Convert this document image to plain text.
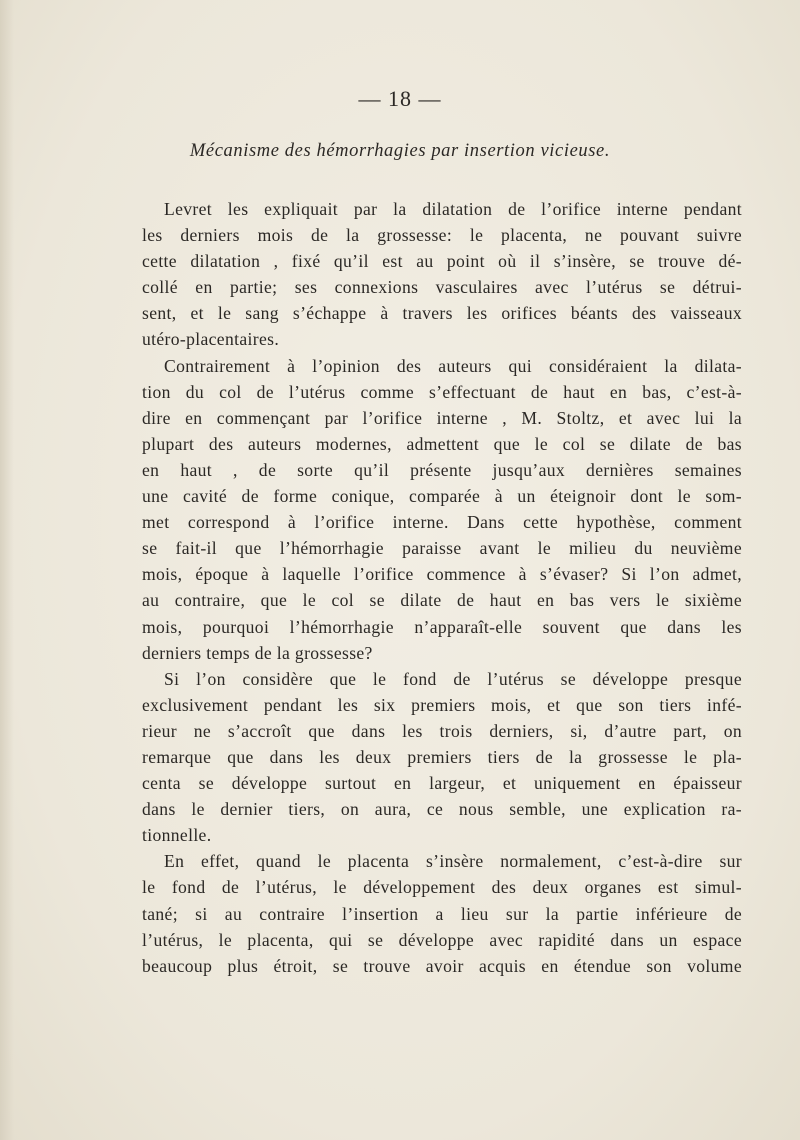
— 18 —
Mécanisme des hémorrhagies par insertion vicieuse.
Levret les expliquait par la dilatation de l’orifice interne pendant
les derniers mois de la grossesse: le placenta, ne pouvant suivre
cette dilatation , fixé qu’il est au point où il s’insère, se trouve dé-
collé en partie; ses connexions vasculaires avec l’utérus se détrui-
sent, et le sang s’échappe à travers les orifices béants des vaisseaux
utéro-placentaires.
Contrairement à l’opinion des auteurs qui considéraient la dilata-
tion du col de l’utérus comme s’effectuant de haut en bas, c’est-à-
dire en commençant par l’orifice interne , M. Stoltz, et avec lui la
plupart des auteurs modernes, admettent que le col se dilate de bas
en haut , de sorte qu’il présente jusqu’aux dernières semaines
une cavité de forme conique, comparée à un éteignoir dont le som-
met correspond à l’orifice interne. Dans cette hypothèse, comment
se fait-il que l’hémorrhagie paraisse avant le milieu du neuvième
mois, époque à laquelle l’orifice commence à s’évaser? Si l’on admet,
au contraire, que le col se dilate de haut en bas vers le sixième
mois, pourquoi l’hémorrhagie n’apparaît-elle souvent que dans les
derniers temps de la grossesse?
Si l’on considère que le fond de l’utérus se développe presque
exclusivement pendant les six premiers mois, et que son tiers infé-
rieur ne s’accroît que dans les trois derniers, si, d’autre part, on
remarque que dans les deux premiers tiers de la grossesse le pla-
centa se développe surtout en largeur, et uniquement en épaisseur
dans le dernier tiers, on aura, ce nous semble, une explication ra-
tionnelle.
En effet, quand le placenta s’insère normalement, c’est-à-dire sur
le fond de l’utérus, le développement des deux organes est simul-
tané; si au contraire l’insertion a lieu sur la partie inférieure de
l’utérus, le placenta, qui se développe avec rapidité dans un espace
beaucoup plus étroit, se trouve avoir acquis en étendue son volume
